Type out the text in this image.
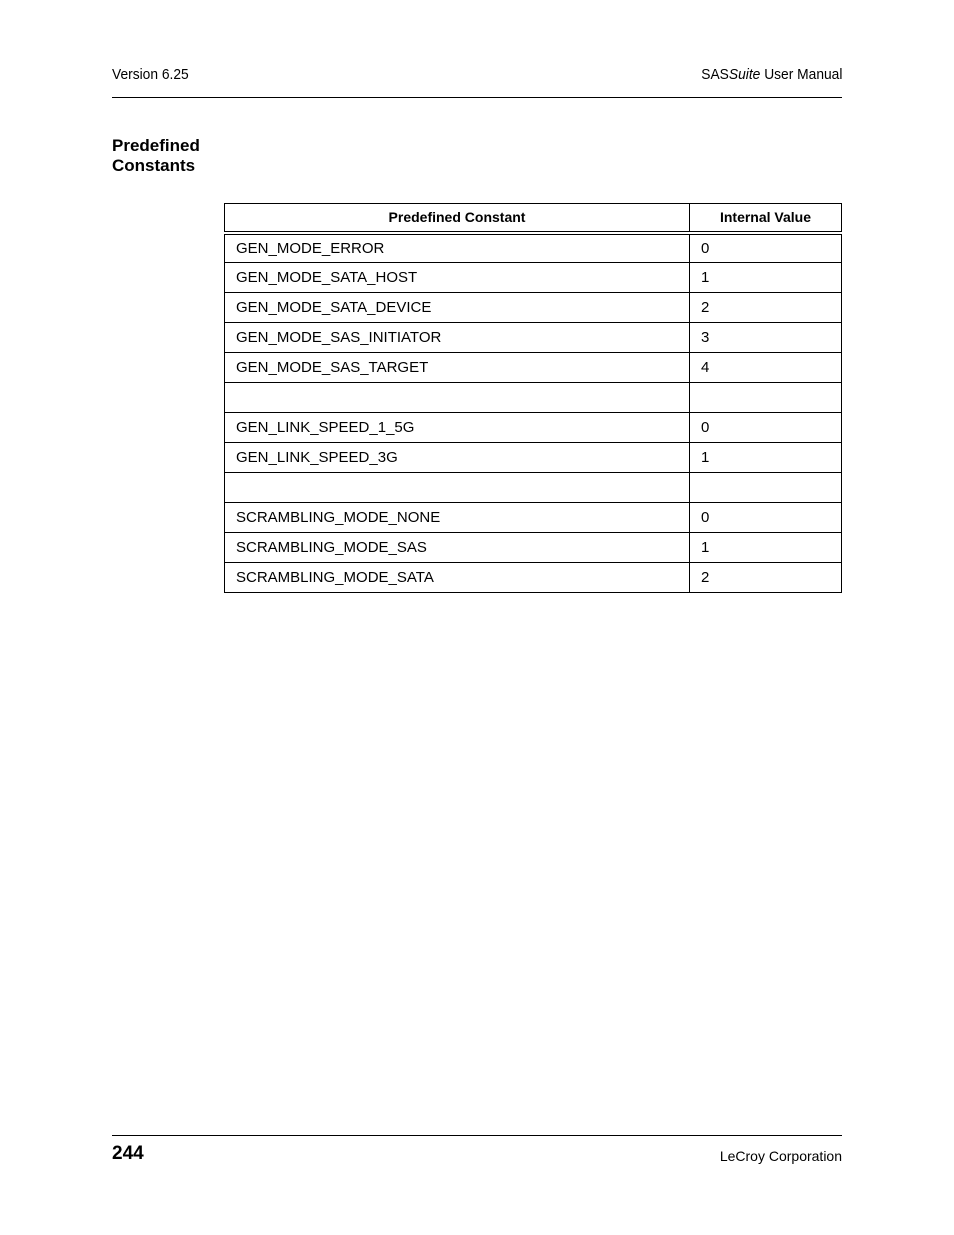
Version 6.25	SASSuite User Manual
Predefined
Constants
Predefined Constant	Internal Value
GEN_MODE_ERROR	0
GEN_MODE_SATA_HOST	1
GEN_MODE_SATA_DEVICE	2
GEN_MODE_SAS_INITIATOR	3
GEN_MODE_SAS_TARGET	4

GEN_LINK_SPEED_1_5G	0
GEN_LINK_SPEED_3G	1

SCRAMBLING_MODE_NONE	0
SCRAMBLING_MODE_SAS	1
SCRAMBLING_MODE_SATA	2
244	LeCroy Corporation
